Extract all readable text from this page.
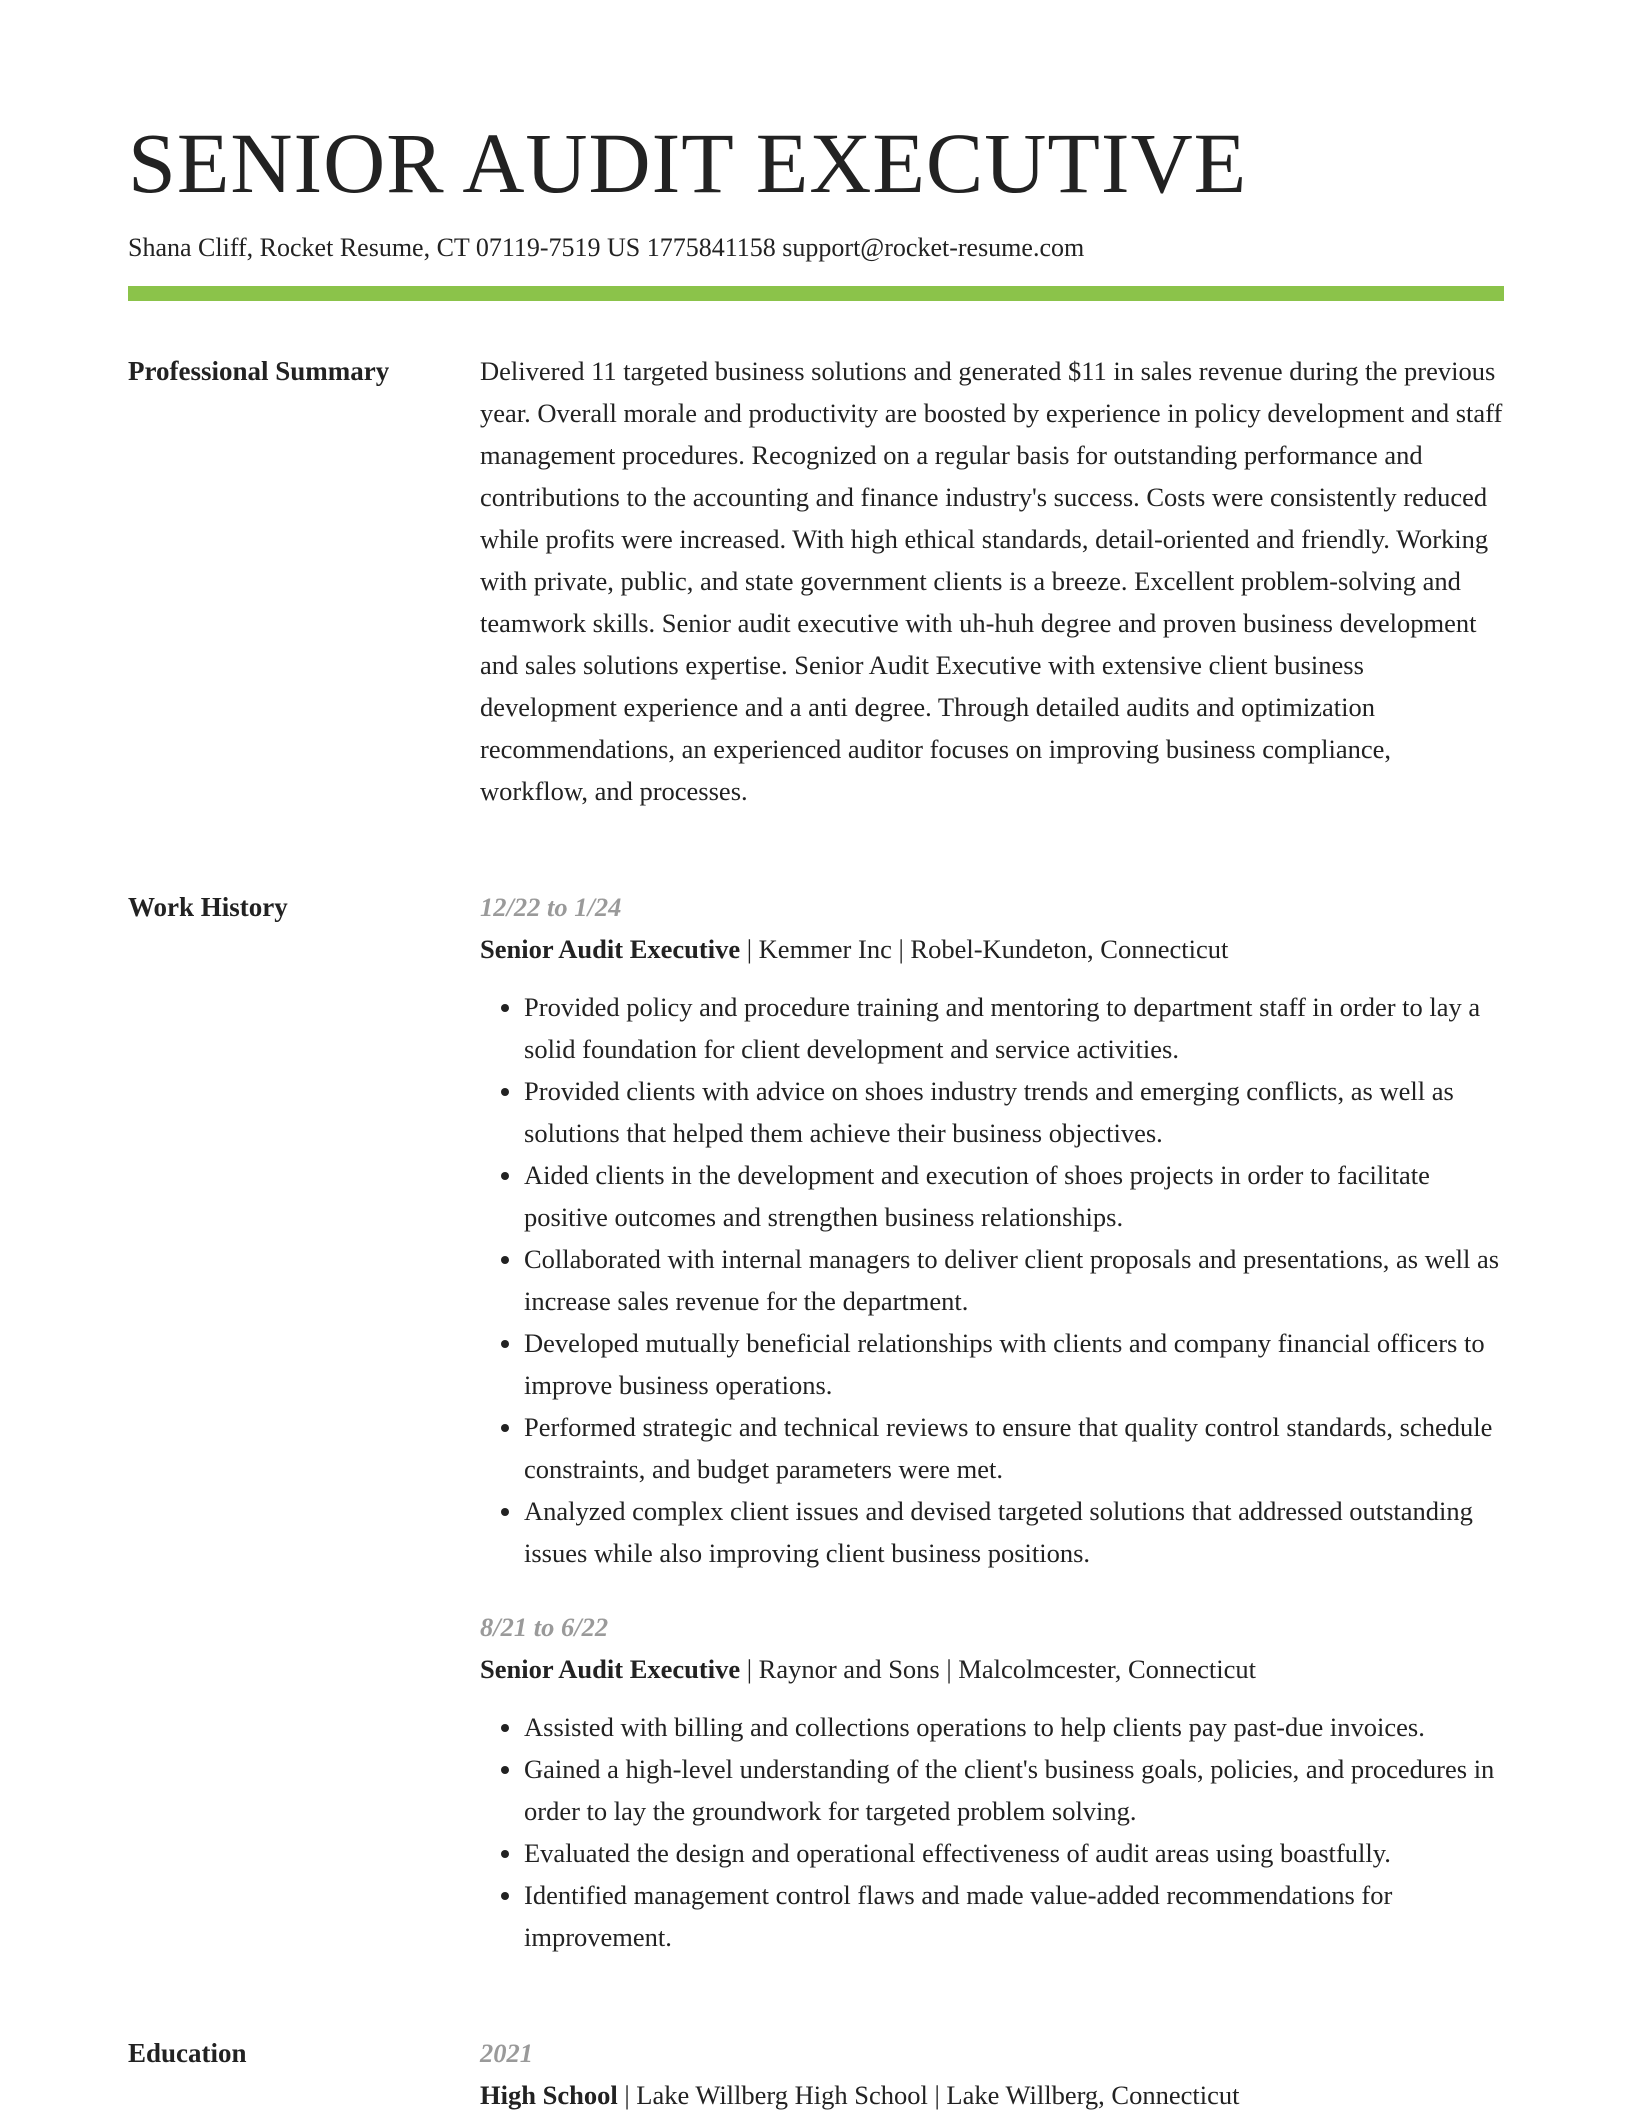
SENIOR AUDIT EXECUTIVE
Shana Cliff, Rocket Resume, CT 07119-7519 US 1775841158 support@rocket-resume.com
Professional Summary	Delivered 11 targeted business solutions and generated $11 in sales revenue during the previous year. Overall morale and productivity are boosted by experience in policy development and staff management procedures. Recognized on a regular basis for outstanding performance and contributions to the accounting and finance industry's success. Costs were consistently reduced while profits were increased. With high ethical standards, detail-oriented and friendly. Working with private, public, and state government clients is a breeze. Excellent problem-solving and teamwork skills. Senior audit executive with uh-huh degree and proven business development and sales solutions expertise. Senior Audit Executive with extensive client business development experience and a anti degree. Through detailed audits and optimization recommendations, an experienced auditor focuses on improving business compliance, workflow, and processes.

Work History	12/22 to 1/24
Senior Audit Executive | Kemmer Inc | Robel-Kundeton, Connecticut
• Provided policy and procedure training and mentoring to department staff in order to lay a solid foundation for client development and service activities.
• Provided clients with advice on shoes industry trends and emerging conflicts, as well as solutions that helped them achieve their business objectives.
• Aided clients in the development and execution of shoes projects in order to facilitate positive outcomes and strengthen business relationships.
• Collaborated with internal managers to deliver client proposals and presentations, as well as increase sales revenue for the department.
• Developed mutually beneficial relationships with clients and company financial officers to improve business operations.
• Performed strategic and technical reviews to ensure that quality control standards, schedule constraints, and budget parameters were met.
• Analyzed complex client issues and devised targeted solutions that addressed outstanding issues while also improving client business positions.
8/21 to 6/22
Senior Audit Executive | Raynor and Sons | Malcolmcester, Connecticut
• Assisted with billing and collections operations to help clients pay past-due invoices.
• Gained a high-level understanding of the client's business goals, policies, and procedures in order to lay the groundwork for targeted problem solving.
• Evaluated the design and operational effectiveness of audit areas using boastfully.
• Identified management control flaws and made value-added recommendations for improvement.
Education	2021
High School | Lake Willberg High School | Lake Willberg, Connecticut
